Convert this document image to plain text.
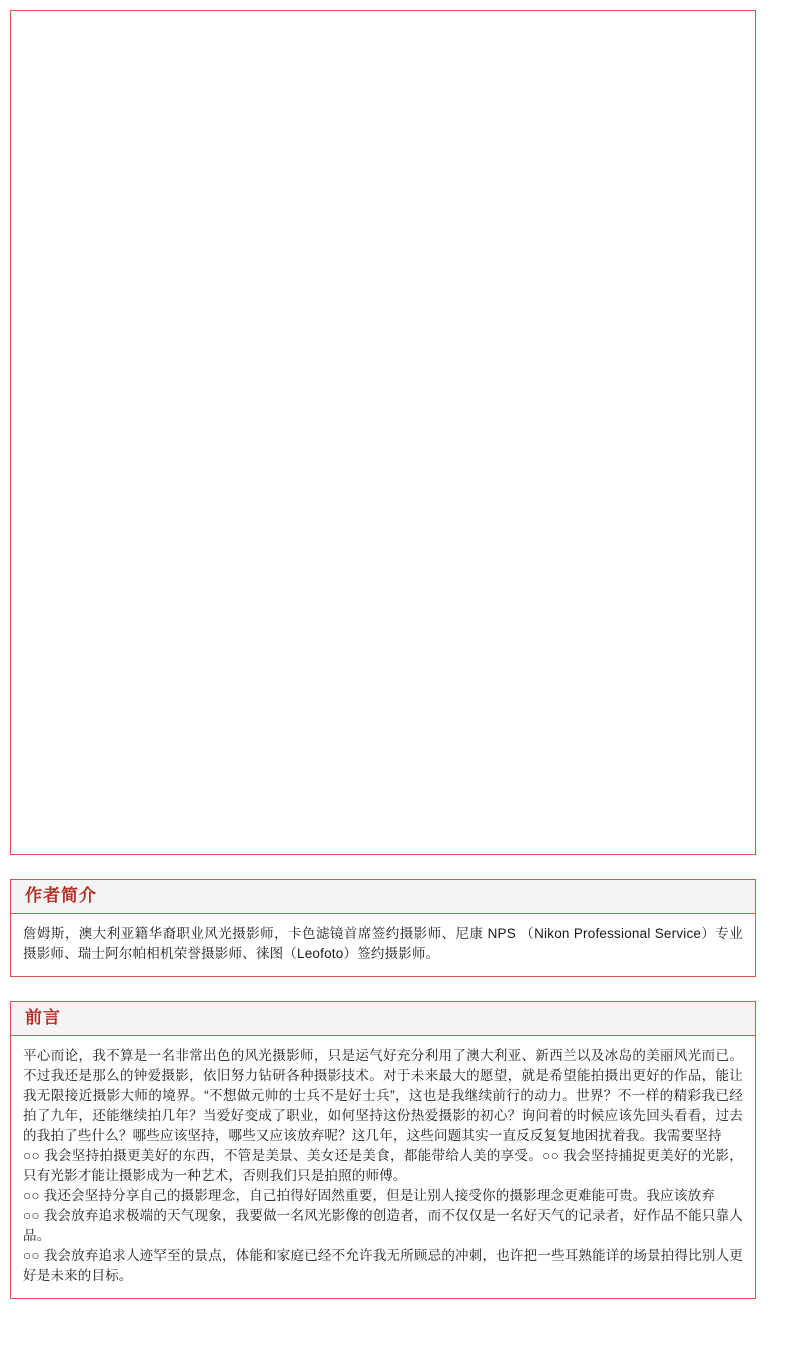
作者简介

詹姆斯，澳大利亚籍华裔职业风光摄影师，卡色滤镜首席签约摄影师、尼康 NPS （Nikon Professional Service）专业摄影师、瑞士阿尔帕相机荣誉摄影师、徕图（Leofoto）签约摄影师。

前言

平心而论，我不算是一名非常出色的风光摄影师，只是运气好充分利用了澳大利亚、新西兰以及冰岛的美丽风光而已。不过我还是那么的钟爱摄影，依旧努力钻研各种摄影技术。对于未来最大的愿望，就是希望能拍摄出更好的作品，能让我无限接近摄影大师的境界。“不想做元帅的士兵不是好士兵”，这也是我继续前行的动力。世界？不一样的精彩我已经拍了九年，还能继续拍几年？当爱好变成了职业，如何坚持这份热爱摄影的初心？询问着的时候应该先回头看看，过去的我拍了些什么？哪些应该坚持，哪些又应该放弃呢？这几年，这些问题其实一直反反复复地困扰着我。我需要坚持

○○ 我会坚持拍摄更美好的东西，不管是美景、美女还是美食，都能带给人美的享受。○○ 我会坚持捕捉更美好的光影，只有光影才能让摄影成为一种艺术，否则我们只是拍照的师傅。

○○ 我还会坚持分享自己的摄影理念，自己拍得好固然重要，但是让别人接受你的摄影理念更难能可贵。我应该放弃

○○ 我会放弃追求极端的天气现象，我要做一名风光影像的创造者，而不仅仅是一名好天气的记录者，好作品不能只靠人品。

○○ 我会放弃追求人迹罕至的景点，体能和家庭已经不允许我无所顾忌的冲刺，也许把一些耳熟能详的场景拍得比别人更好是未来的目标。
